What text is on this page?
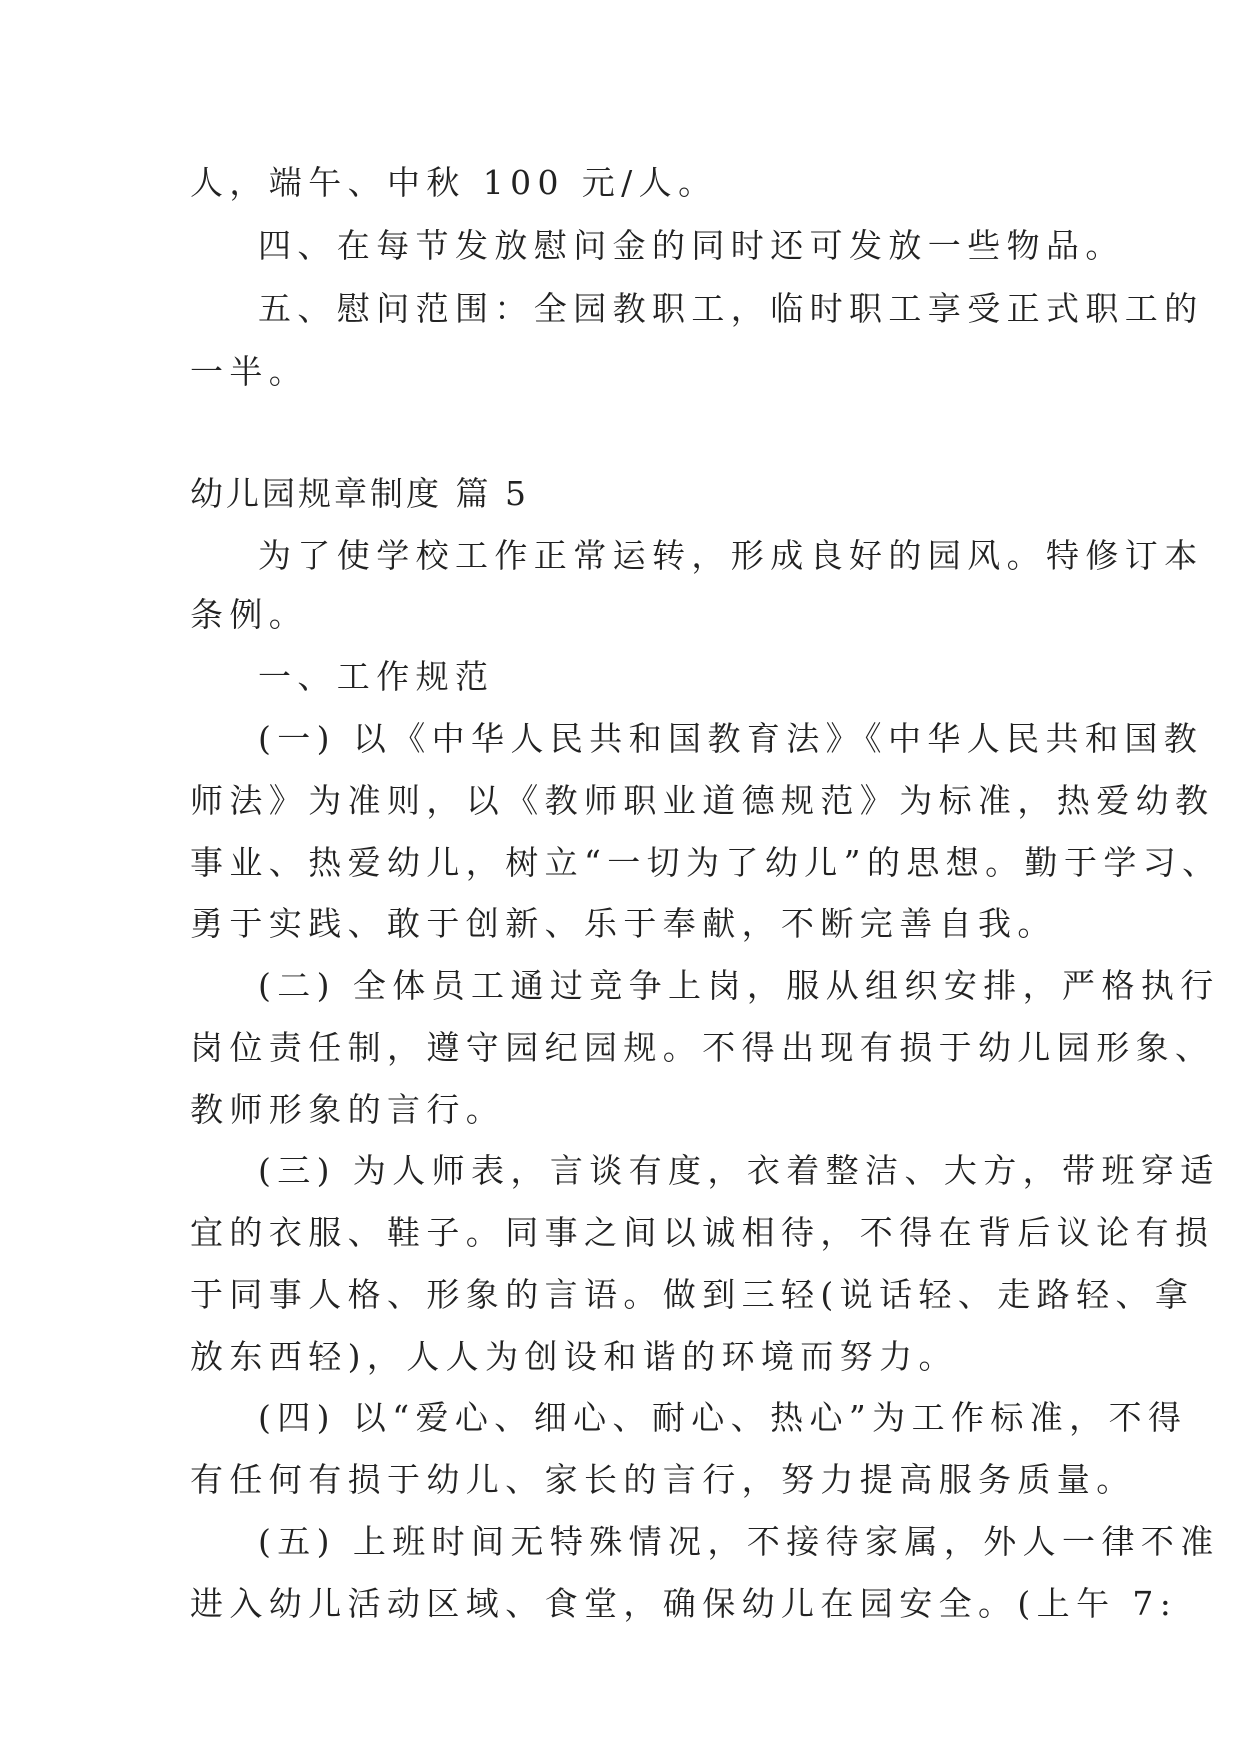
人，端午、中秋 100 元/人。

四、在每节发放慰问金的同时还可发放一些物品。

五、慰问范围：全园教职工，临时职工享受正式职工的

一半。

幼儿园规章制度 篇 5

为了使学校工作正常运转，形成良好的园风。特修订本

条例。

一、工作规范

(一) 以《中华人民共和国教育法》《中华人民共和国教

师法》为准则，以《教师职业道德规范》为标准，热爱幼教

事业、热爱幼儿，树立“一切为了幼儿”的思想。勤于学习、

勇于实践、敢于创新、乐于奉献，不断完善自我。

(二) 全体员工通过竞争上岗，服从组织安排，严格执行

岗位责任制，遵守园纪园规。不得出现有损于幼儿园形象、

教师形象的言行。

(三) 为人师表，言谈有度，衣着整洁、大方，带班穿适

宜的衣服、鞋子。同事之间以诚相待，不得在背后议论有损

于同事人格、形象的言语。做到三轻(说话轻、走路轻、拿

放东西轻)，人人为创设和谐的环境而努力。

(四) 以“爱心、细心、耐心、热心”为工作标准，不得

有任何有损于幼儿、家长的言行，努力提高服务质量。

(五) 上班时间无特殊情况，不接待家属，外人一律不准

进入幼儿活动区域、食堂，确保幼儿在园安全。(上午 7:
